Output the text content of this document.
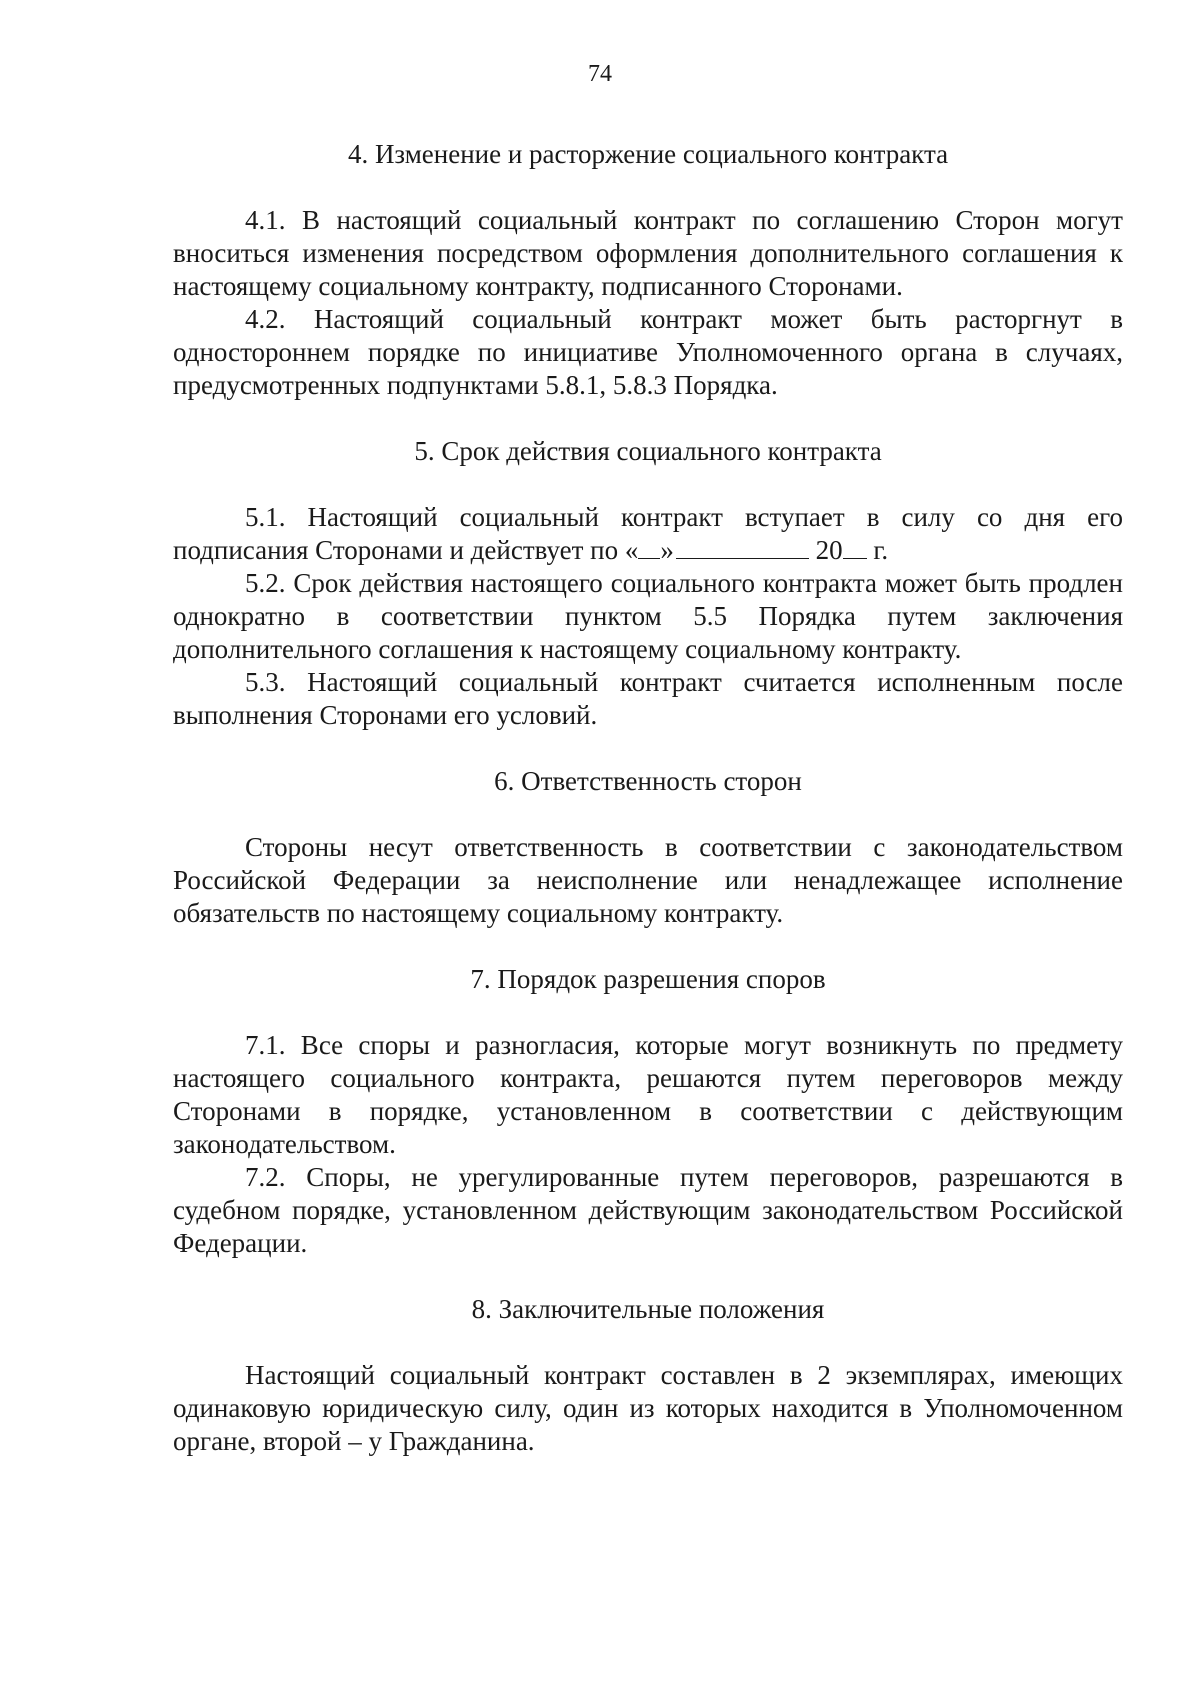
74
4. Изменение и расторжение социального контракта

4.1. В настоящий социальный контракт по соглашению Сторон могут вноситься изменения посредством оформления дополнительного соглашения к настоящему социальному контракту, подписанного Сторонами.

4.2. Настоящий социальный контракт может быть расторгнут в одностороннем порядке по инициативе Уполномоченного органа в случаях, предусмотренных подпунктами 5.8.1, 5.8.3 Порядка.

5. Срок действия социального контракта

5.1. Настоящий социальный контракт вступает в силу со дня его подписания Сторонами и действует по « »	20 г.

5.2. Срок действия настоящего социального контракта может быть продлен однократно в соответствии пунктом 5.5 Порядка путем заключения дополнительного соглашения к настоящему социальному контракту.

5.3. Настоящий социальный контракт считается исполненным после выполнения Сторонами его условий.

6. Ответственность сторон

Стороны несут ответственность в соответствии с законодательством Российской Федерации за неисполнение или ненадлежащее исполнение обязательств по настоящему социальному контракту.

7. Порядок разрешения споров

7.1. Все споры и разногласия, которые могут возникнуть по предмету настоящего социального контракта, решаются путем переговоров между Сторонами в порядке, установленном в соответствии с действующим законодательством.

7.2. Споры, не урегулированные путем переговоров, разрешаются в судебном порядке, установленном действующим законодательством Российской Федерации.

8. Заключительные положения

Настоящий социальный контракт составлен в 2 экземплярах, имеющих одинаковую юридическую силу, один из которых находится в Уполномоченном органе, второй – у Гражданина.
